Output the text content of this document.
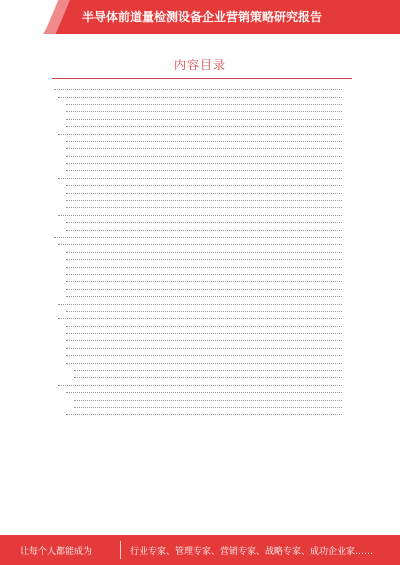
半导体前道量检测设备企业营销策略研究报告
内容目录
让每个人都能成为	行业专家、管理专家、营销专家、战略专家、成功企业家……
